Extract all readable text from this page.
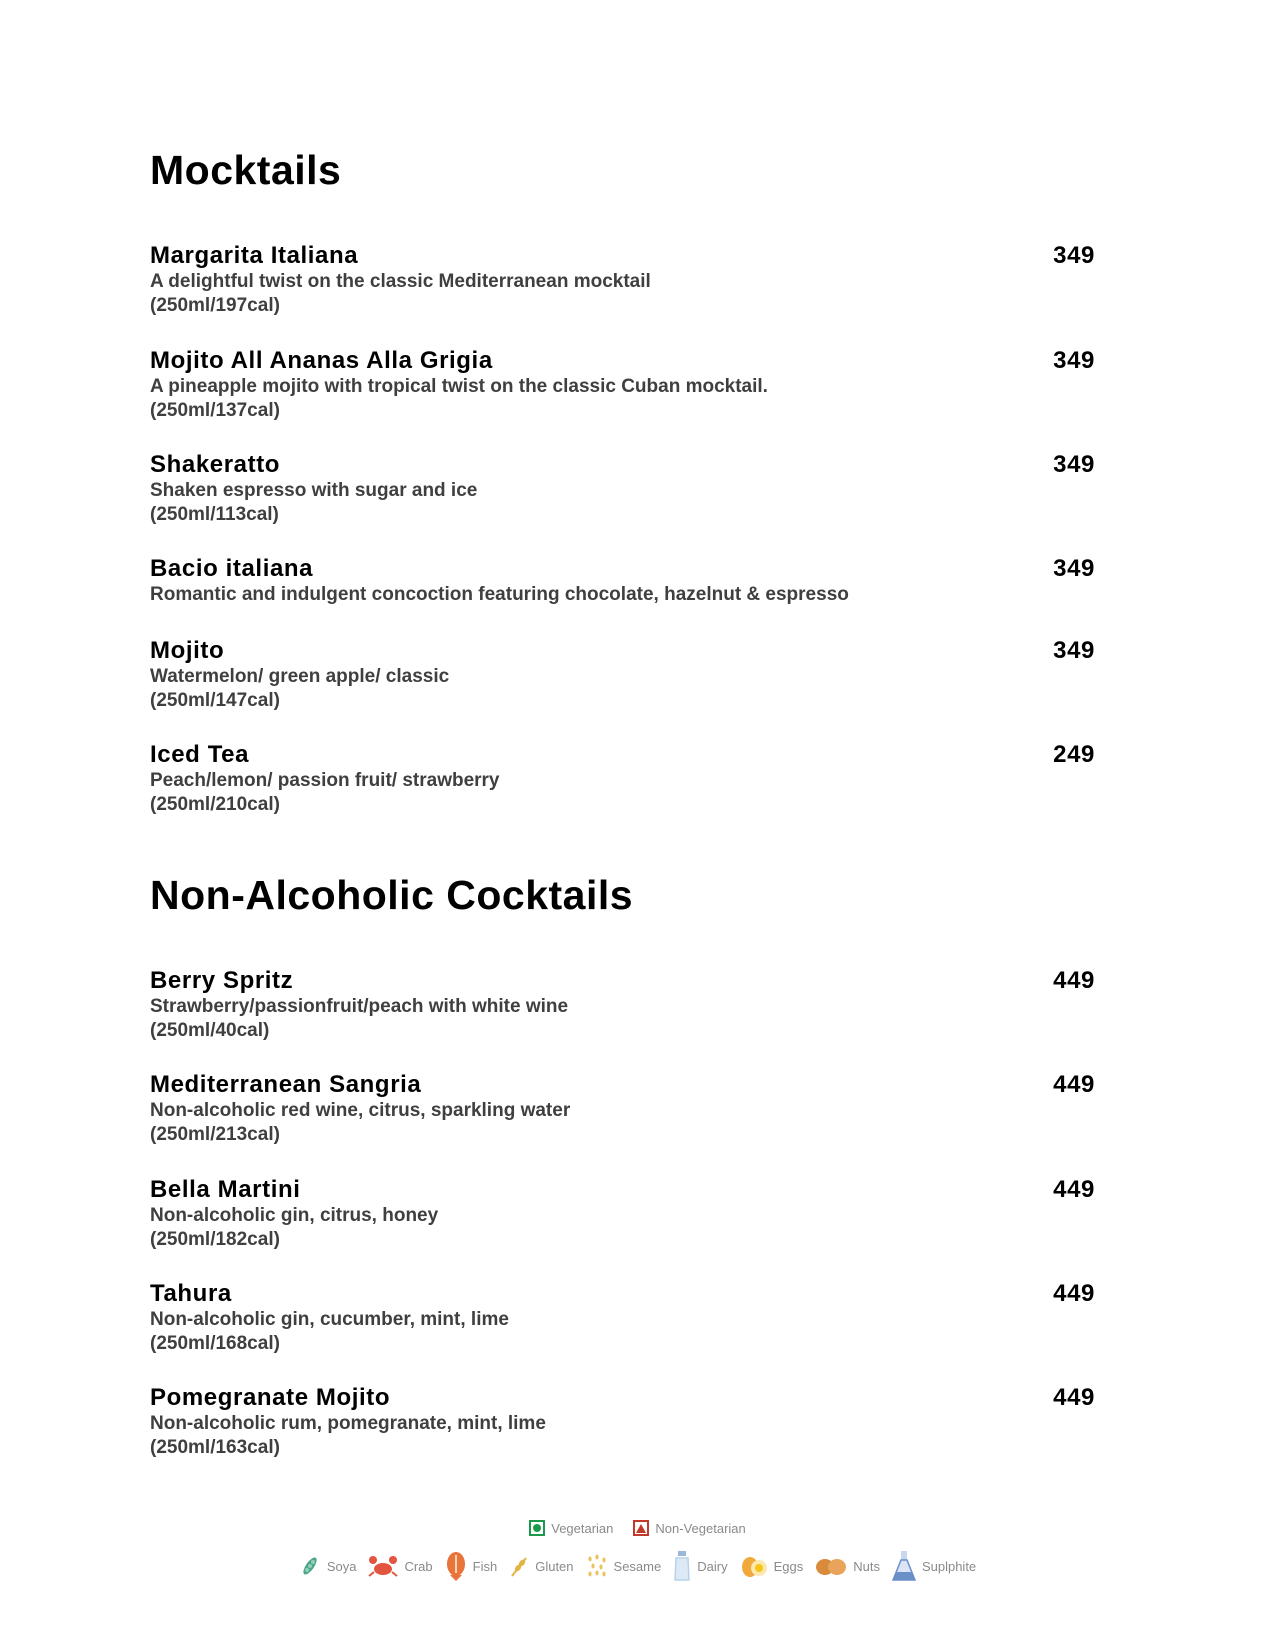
Mocktails
Margarita Italiana	349
A delightful twist on the classic Mediterranean mocktail
(250ml/197cal)
Mojito All Ananas Alla Grigia	349
A pineapple mojito with tropical twist on the classic Cuban mocktail.
(250ml/137cal)
Shakeratto	349
Shaken espresso with sugar and ice
(250ml/113cal)
Bacio italiana	349
Romantic and indulgent concoction featuring chocolate, hazelnut & espresso
Mojito	349
Watermelon/ green apple/ classic
(250ml/147cal)
Iced Tea	249
Peach/lemon/ passion fruit/ strawberry
(250ml/210cal)
Non-Alcoholic Cocktails
Berry Spritz	449
Strawberry/passionfruit/peach with white wine
(250ml/40cal)
Mediterranean Sangria	449
Non-alcoholic red wine, citrus, sparkling water
(250ml/213cal)
Bella Martini	449
Non-alcoholic gin, citrus, honey
(250ml/182cal)
Tahura	449
Non-alcoholic gin, cucumber, mint, lime
(250ml/168cal)
Pomegranate Mojito	449
Non-alcoholic rum, pomegranate, mint, lime
(250ml/163cal)
Vegetarian	Non-Vegetarian
Soya	Crab	Fish	Gluten	Sesame	Dairy	Eggs	Nuts	Suplphite
